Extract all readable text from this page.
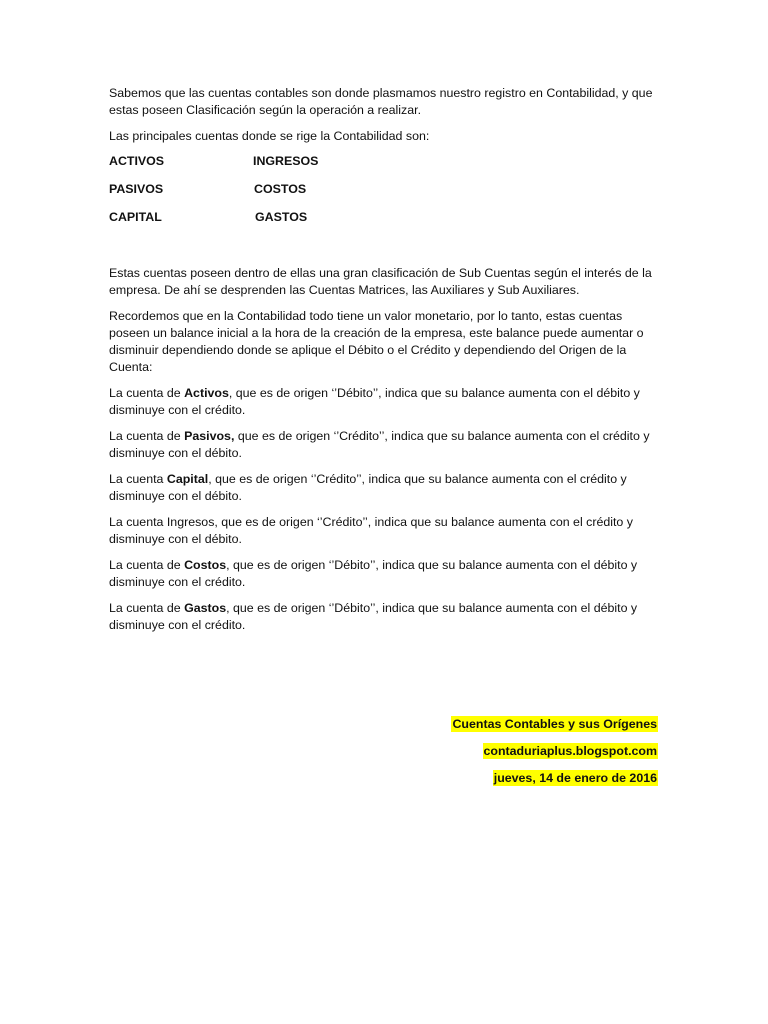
Sabemos que las cuentas contables son donde plasmamos nuestro registro en Contabilidad, y que estas poseen Clasificación según la operación a realizar.

Las principales cuentas donde se rige la Contabilidad son:

ACTIVOS	INGRESOS
PASIVOS	COSTOS
CAPITAL	GASTOS

Estas cuentas poseen dentro de ellas una gran clasificación de Sub Cuentas según el interés de la empresa. De ahí se desprenden las Cuentas Matrices, las Auxiliares y Sub Auxiliares.

Recordemos que en la Contabilidad todo tiene un valor monetario, por lo tanto, estas cuentas poseen un balance inicial a la hora de la creación de la empresa, este balance puede aumentar o disminuir dependiendo donde se aplique el Débito o el Crédito y dependiendo del Origen de la Cuenta:

La cuenta de Activos, que es de origen ‘’Débito’’, indica que su balance aumenta con el débito y disminuye con el crédito.

La cuenta de Pasivos, que es de origen ‘’Crédito’’, indica que su balance aumenta con el crédito y disminuye con el débito.

La cuenta Capital, que es de origen ‘’Crédito’’, indica que su balance aumenta con el crédito y disminuye con el débito.

La cuenta Ingresos, que es de origen ‘’Crédito’’, indica que su balance aumenta con el crédito y disminuye con el débito.

La cuenta de Costos, que es de origen ‘’Débito’’, indica que su balance aumenta con el débito y disminuye con el crédito.

La cuenta de Gastos, que es de origen ‘’Débito’’, indica que su balance aumenta con el débito y disminuye con el crédito.

Cuentas Contables y sus Orígenes
contaduriaplus.blogspot.com
jueves, 14 de enero de 2016
